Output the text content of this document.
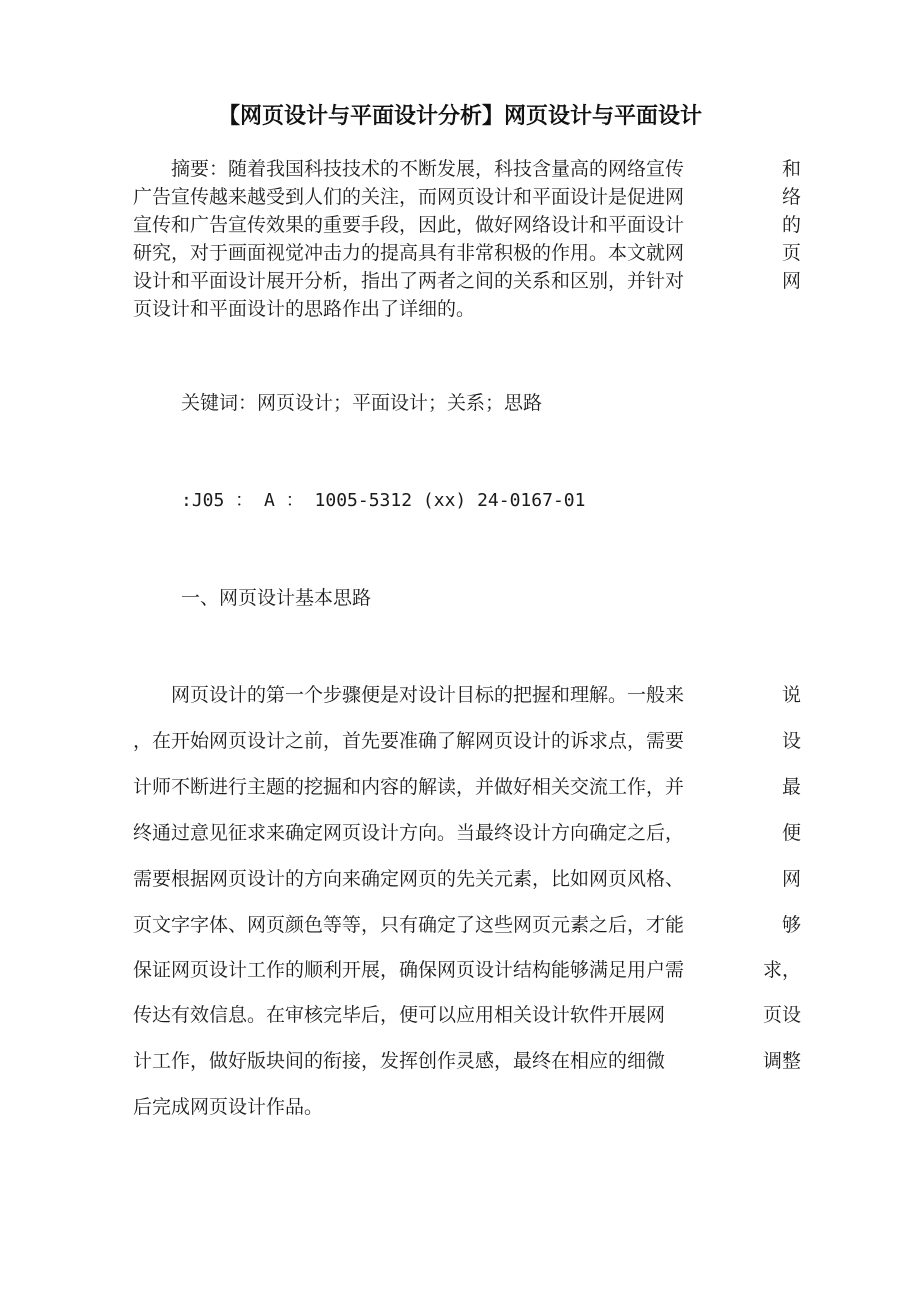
【网页设计与平面设计分析】网页设计与平面设计
　　摘要：随着我国科技技术的不断发展，科技含量高的网络宣传	和
广告宣传越来越受到人们的关注，而网页设计和平面设计是促进网	络
宣传和广告宣传效果的重要手段，因此，做好网络设计和平面设计	的
研究，对于画面视觉冲击力的提高具有非常积极的作用。本文就网	页
设计和平面设计展开分析，指出了两者之间的关系和区别，并针对	网
页设计和平面设计的思路作出了详细的。
关键词：网页设计；平面设计；关系；思路
:J05 ： A ： 1005-5312 (xx) 24-0167-01
一、网页设计基本思路
　　网页设计的第一个步骤便是对设计目标的把握和理解。一般来	说
，在开始网页设计之前，首先要准确了解网页设计的诉求点，需要	设
计师不断进行主题的挖掘和内容的解读，并做好相关交流工作，并	最
终通过意见征求来确定网页设计方向。当最终设计方向确定之后，	便
需要根据网页设计的方向来确定网页的先关元素，比如网页风格、	网
页文字字体、网页颜色等等，只有确定了这些网页元素之后，才能	够
保证网页设计工作的顺利开展，确保网页设计结构能够满足用户需	求，
传达有效信息。在审核完毕后，便可以应用相关设计软件开展网	页设
计工作，做好版块间的衔接，发挥创作灵感，最终在相应的细微	调整
后完成网页设计作品。
